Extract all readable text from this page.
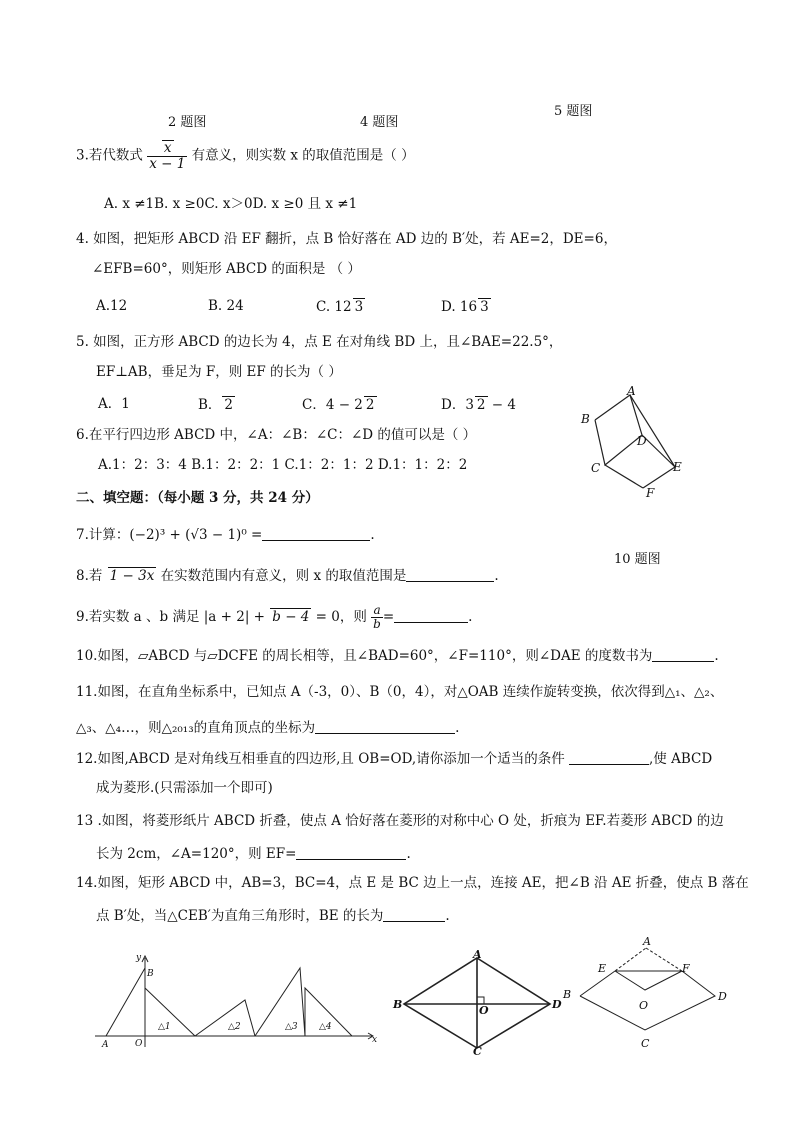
2 题图	4 题图
5 题图
3.若代数式 $\frac{x}{x - 1}$ 有意义，则实数 x 的取值范围是（ ）
A. x ≠1B. x ≥0C. x＞0D. x ≥0 且 x ≠1
4. 如图，把矩形 ABCD 沿 EF 翻折，点 B 恰好落在 AD 边的 B′处，若 AE=2，DE=6，
∠EFB=60°，则矩形 ABCD 的面积是 （ ）
A.12	B. 24	C. 12 3	D. 16 3
5. 如图，正方形 ABCD 的边长为 4，点 E 在对角线 BD 上，且∠BAE=22.5°，
EF⊥AB，垂足为 F，则 EF 的长为（ ）
A．1	B． 2	C．4 − 2 2	D．3 2 − 4
A
B
C
D
E
F
6.在平行四边形 ABCD 中，∠A：∠B：∠C：∠D 的值可以是（ ）
A.1：2：3：4 B.1：2：2：1 C.1：2：1：2 D.1：1：2：2
二、填空题：（每小题 3 分，共 24 分）
7.计算：(−2)³ + (√3 − 1)⁰ =	.
10 题图
8.若 1 − 3x 在实数范围内有意义，则 x 的取值范围是	.
9.若实数 a 、b 满足 |a + 2| + b − 4 = 0，则 $\frac{a}{b}$ =	.
10.如图，▱ABCD 与▱DCFE 的周长相等，且∠BAD=60°，∠F=110°，则∠DAE 的度数书为	.
11.如图，在直角坐标系中，已知点 A（-3，0）、B（0，4），对△OAB 连续作旋转变换，依次得到△₁、△₂、
△₃、△₄…，则△₂₀₁₃的直角顶点的坐标为	.
12.如图,ABCD 是对角线互相垂直的四边形,且 OB=OD,请你添加一个适当的条件	,使 ABCD
成为菱形.(只需添加一个即可)
13 .如图，将菱形纸片 ABCD 折叠，使点 A 恰好落在菱形的对称中心 O 处，折痕为 EF.若菱形 ABCD 的边
长为 2cm，∠A=120°，则 EF=	.
14.如图，矩形 ABCD 中，AB=3，BC=4，点 E 是 BC 边上一点，连接 AE，把∠B 沿 AE 折叠，使点 B 落在
点 B′处，当△CEB′为直角三角形时，BE 的长为	.
y
x
A	O
B
△1	△2	△3 △4
A
B
C
D
O
A
B
C
D
E	F
O
